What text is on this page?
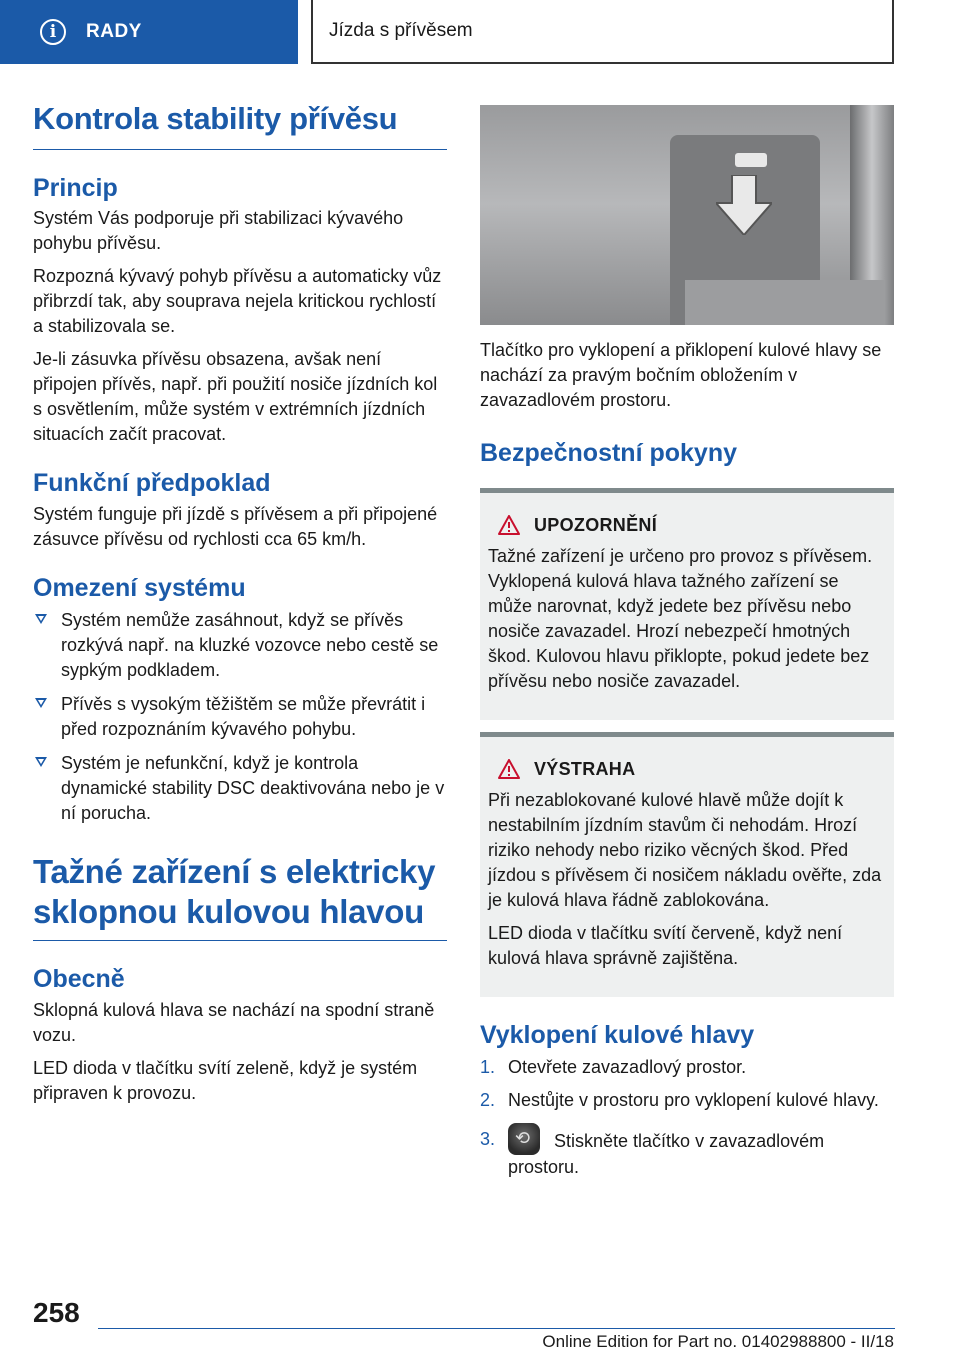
i	RADY	Jízda s přívěsem
Kontrola stability přívěsu
Princip

Systém Vás podporuje při stabilizaci kývavého pohybu přívěsu.

Rozpozná kývavý pohyb přívěsu a automaticky vůz přibrzdí tak, aby souprava nejela kritickou rychlostí a stabilizovala se.

Je-li zásuvka přívěsu obsazena, avšak není připojen přívěs, např. při použití nosiče jízdních kol s osvětlením, může systém v extrémních jízdních situacích začít pracovat.

Funkční předpoklad

Systém funguje při jízdě s přívěsem a při připojené zásuvce přívěsu od rychlosti cca 65 km/h.

Omezení systému
Systém nemůže zasáhnout, když se přívěs rozkývá např. na kluzké vozovce nebo cestě se sypkým podkladem.
Přívěs s vysokým těžištěm se může převrátit i před rozpoznáním kývavého pohybu.
Systém je nefunkční, když je kontrola dynamické stability DSC deaktivována nebo je v ní porucha.
Tažné zařízení s elektricky sklopnou kulovou hlavou
Obecně

Sklopná kulová hlava se nachází na spodní straně vozu.

LED dioda v tlačítku svítí zeleně, když je systém připraven k provozu.

Tlačítko pro vyklopení a přiklopení kulové hlavy se nachází za pravým bočním obložením v zavazadlovém prostoru.

Bezpečnostní pokyny
UPOZORNĚNÍ

Tažné zařízení je určeno pro provoz s přívěsem. Vyklopená kulová hlava tažného zařízení se může narovnat, když jedete bez přívěsu nebo nosiče zavazadel. Hrozí nebezpečí hmotných škod. Kulovou hlavu přiklopte, pokud jedete bez přívěsu nebo nosiče zavazadel.

VÝSTRAHA

Při nezablokované kulové hlavě může dojít k nestabilním jízdním stavům či nehodám. Hrozí riziko nehody nebo riziko věcných škod. Před jízdou s přívěsem či nosičem nákladu ověřte, zda je kulová hlava řádně zablokována.

LED dioda v tlačítku svítí červeně, když není kulová hlava správně zajištěna.

Vyklopení kulové hlavy
1. Otevřete zavazadlový prostor.
2. Nestůjte v prostoru pro vyklopení kulové hlavy.
3.
⟲	Stiskněte tlačítko v zavazadlovém prostoru.
258
Online Edition for Part no. 01402988800 - II/18
